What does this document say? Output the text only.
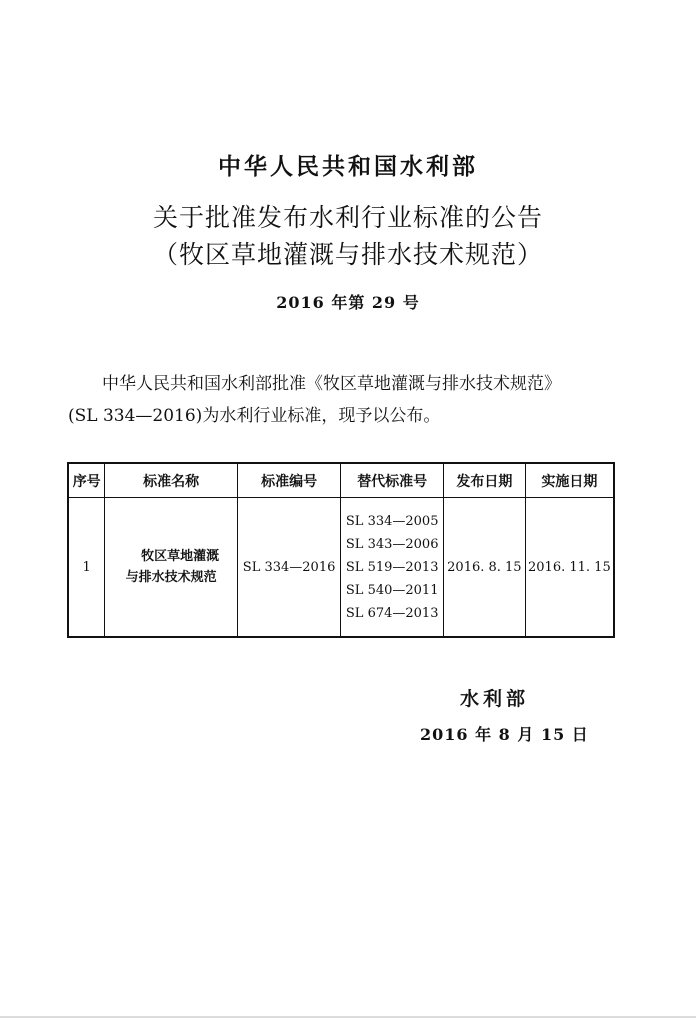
中华人民共和国水利部
关于批准发布水利行业标准的公告
（牧区草地灌溉与排水技术规范）
2016 年第 29 号
中华人民共和国水利部批准《牧区草地灌溉与排水技术规范》
(SL 334—2016)为水利行业标准，现予以公布。
序号	标准名称	标准编号	替代标准号	发布日期	实施日期
1	牧区草地灌溉
与排水技术规范	SL 334—2016	SL 334—2005
SL 343—2006
SL 519—2013
SL 540—2011
SL 674—2013	2016. 8. 15	2016. 11. 15
水利部
2016 年 8 月 15 日
